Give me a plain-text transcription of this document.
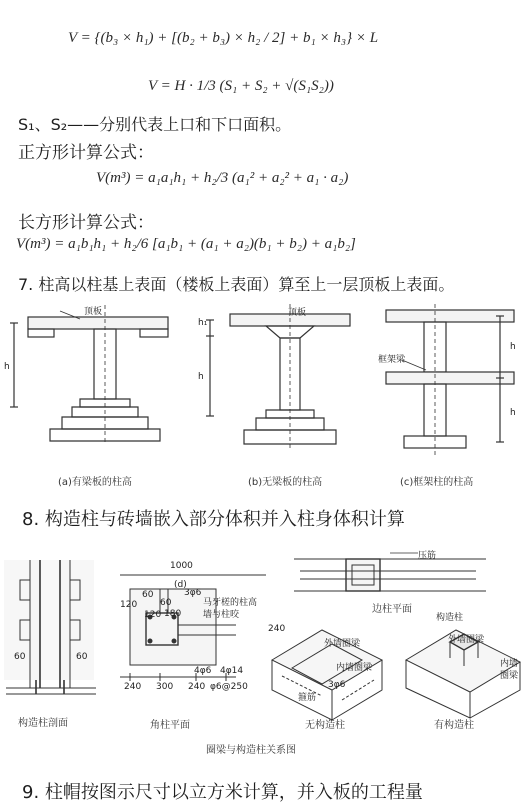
V = {(b₃ × h₁) + [(b₂ + b₃) × h₂ / 2] + b₁ × h₃} × L
V = H · 1/3 (S₁ + S₂ + √(S₁S₂))
S₁、S₂——分别代表上口和下口面积。
正方形计算公式：
V(m³) = a₁a₁h₁ + h₂/3 (a₁² + a₂² + a₁ · a₂)
长方形计算公式：
V(m³) = a₁b₁h₁ + h₂/6 [a₁b₁ + (a₁ + a₂)(b₁ + b₂) + a₁b₂]
7. 柱高以柱基上表面（楼板上表面）算至上一层顶板上表面。
顶板
h
(a)有梁板的柱高
顶板
h₁
h
(b)无梁板的柱高
框架梁
h
h
(c)框架柱的柱高
8. 构造柱与砖墙嵌入部分体积并入柱身体积计算
60	60
构造柱剖面
1000
120
60
120
60
180
240 300 240
3φ6
(d)
马牙槎的柱高
墙与柱咬
4φ6 4φ14
φ6@250
角柱平面
压筋
边柱平面
外墙圈梁
内墙圈梁
箍筋
3φ6
240
无构造柱
构造柱
外墙圈梁
内墙
圈梁
有构造柱
圈梁与构造柱关系图
9. 柱帽按图示尺寸以立方米计算，并入板的工程量
